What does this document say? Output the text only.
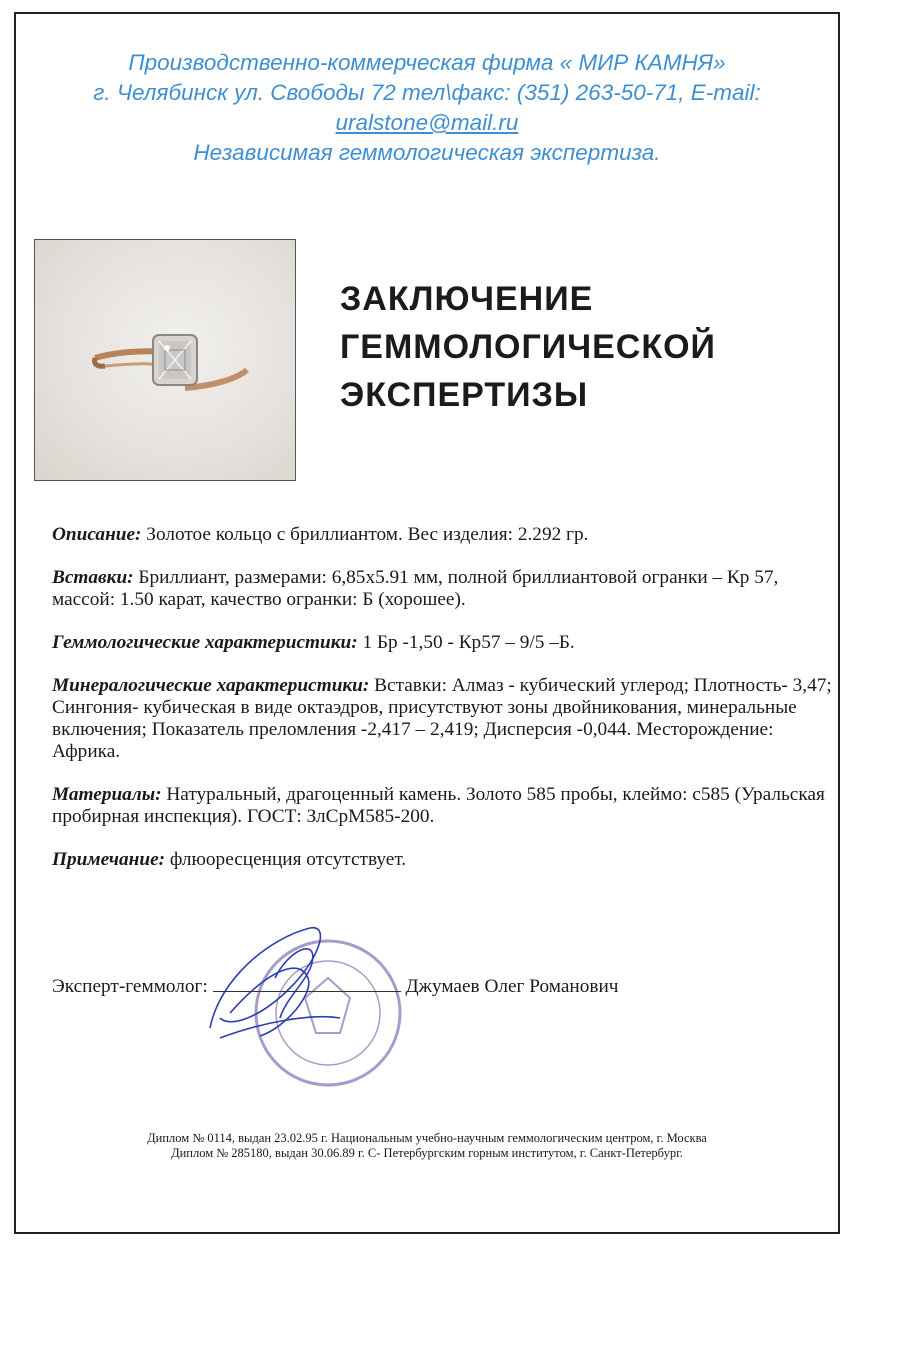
Производственно-коммерческая фирма « МИР КАМНЯ»
г. Челябинск ул. Свободы 72 тел\факс: (351) 263-50-71, E-mail:
uralstone@mail.ru
Независимая геммологическая экспертиза.
ЗАКЛЮЧЕНИЕ
ГЕММОЛОГИЧЕСКОЙ
ЭКСПЕРТИЗЫ

Описание: Золотое кольцо с бриллиантом. Вес изделия: 2.292 гр.

Вставки: Бриллиант, размерами: 6,85х5.91 мм, полной бриллиантовой огранки – Кр 57, массой: 1.50 карат, качество огранки: Б (хорошее).

Геммологические характеристики: 1 Бр -1,50 - Кр57 – 9/5 –Б.

Минералогические характеристики: Вставки: Алмаз - кубический углерод; Плотность- 3,47; Сингония- кубическая в виде октаэдров, присутствуют зоны двойникования, минеральные включения; Показатель преломления -2,417 – 2,419; Дисперсия -0,044. Месторождение: Африка.

Материалы: Натуральный, драгоценный камень. Золото 585 пробы, клеймо: с585 (Уральская пробирная инспекция). ГОСТ: ЗлСрМ585-200.

Примечание: флюоресценция отсутствует.

Эксперт-геммолог:	Джумаев Олег Романович
Диплом № 0114, выдан 23.02.95 г. Национальным учебно-научным геммологическим центром, г. Москва
Диплом № 285180, выдан 30.06.89 г. С- Петербургским горным институтом, г. Санкт-Петербург.
